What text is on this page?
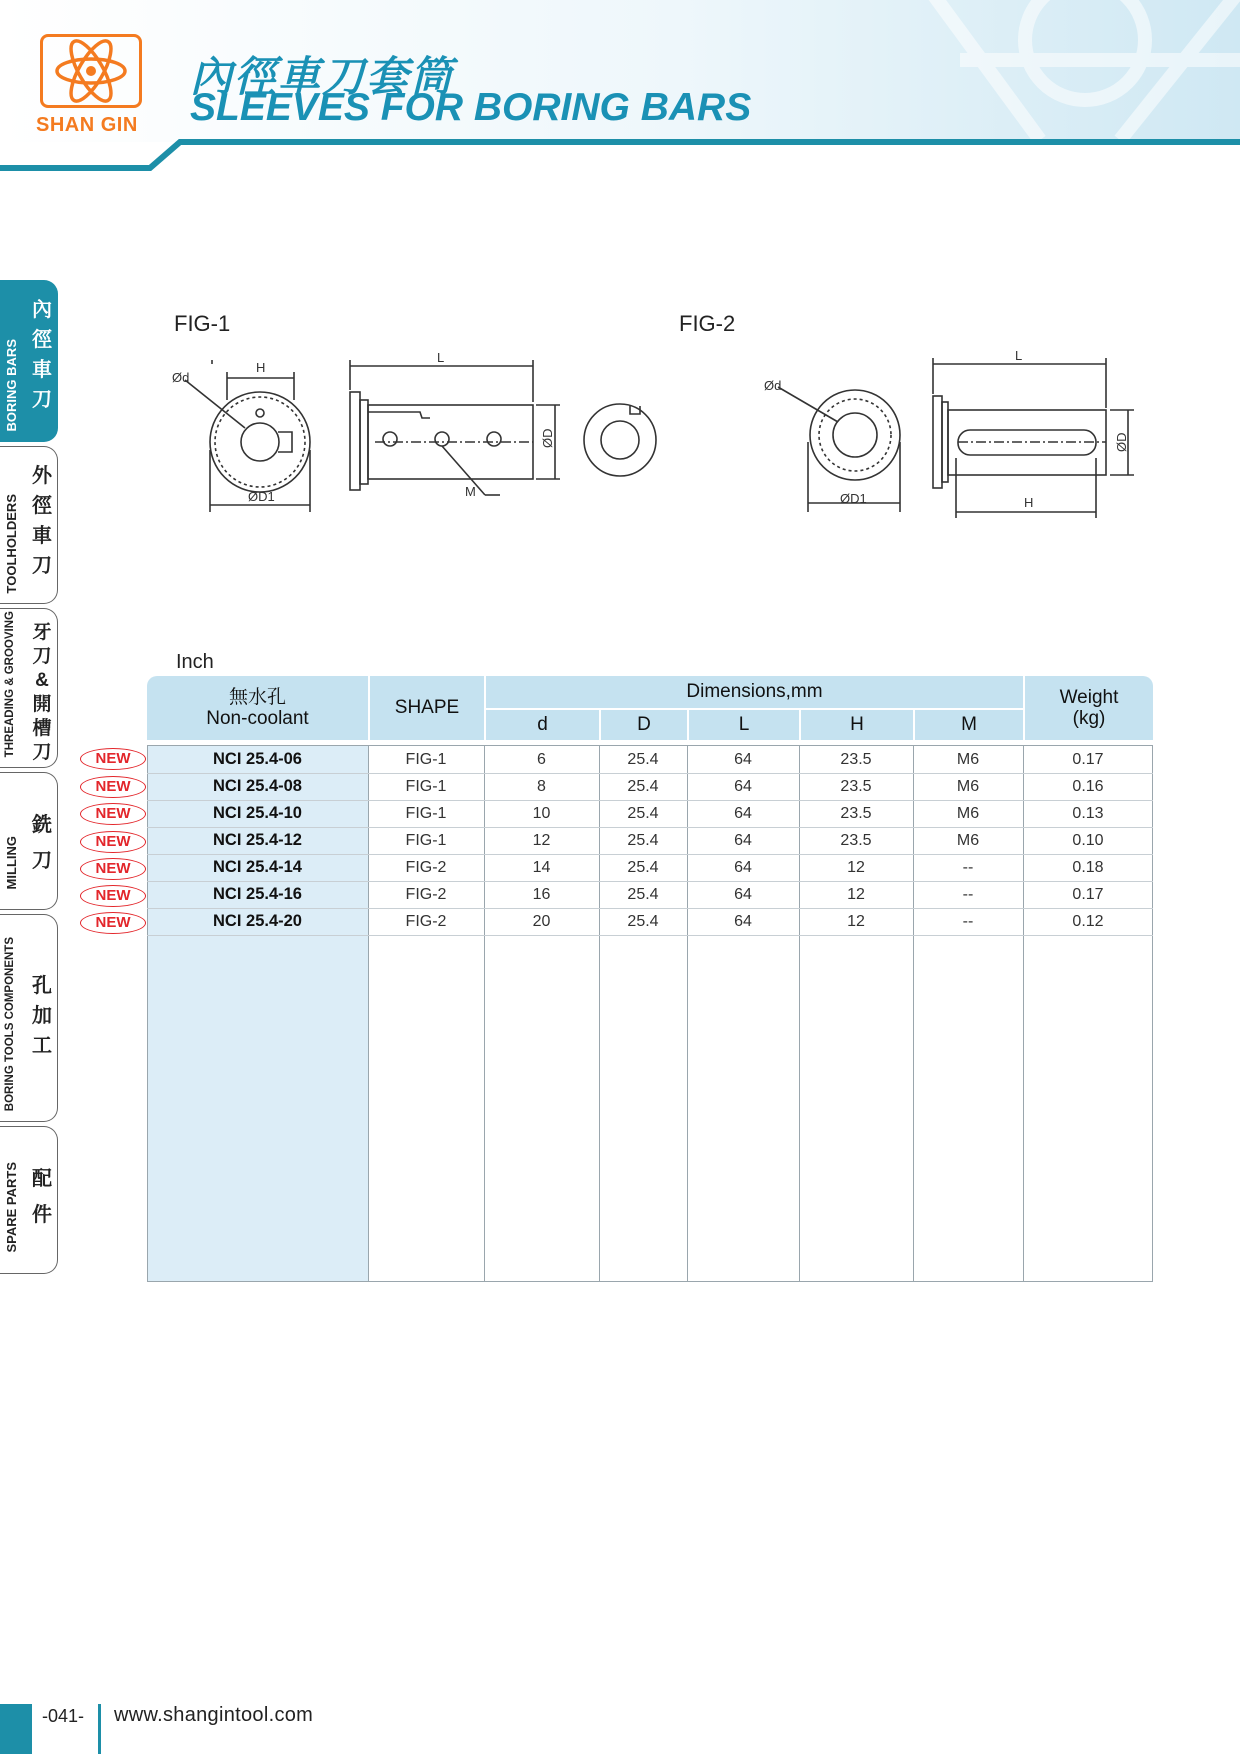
SHAN GIN
內徑車刀套筒
SLEEVES FOR BORING BARS
BORING BARS
內徑車刀
TOOLHOLDERS
外徑車刀
THREADING & GROOVING 牙刀&開槽刀
MILLING
銑刀
BORING TOOLS COMPONENTS 孔加工
SPARE PARTS 配件
FIG-1	FIG-2
Ød
H
ØD1
L
M
ØD
Ød
ØD1
L
H
ØD
Inch
無水孔
Non-coolant
SHAPE
Dimensions,mm
d	D	L	H	M
Weight
(kg)
NCI 25.4-06	FIG-1	6	25.4	64	23.5	M6	0.17
NCI 25.4-08	FIG-1	8	25.4	64	23.5	M6	0.16
NCI 25.4-10	FIG-1	10	25.4	64	23.5	M6	0.13
NCI 25.4-12	FIG-1	12	25.4	64	23.5	M6	0.10
NCI 25.4-14	FIG-2	14	25.4	64	12	--	0.18
NCI 25.4-16	FIG-2	16	25.4	64	12	--	0.17
NCI 25.4-20	FIG-2	20	25.4	64	12	--	0.12
NEW
NEW
NEW
NEW
NEW
NEW
NEW
-041- www.shangintool.com
